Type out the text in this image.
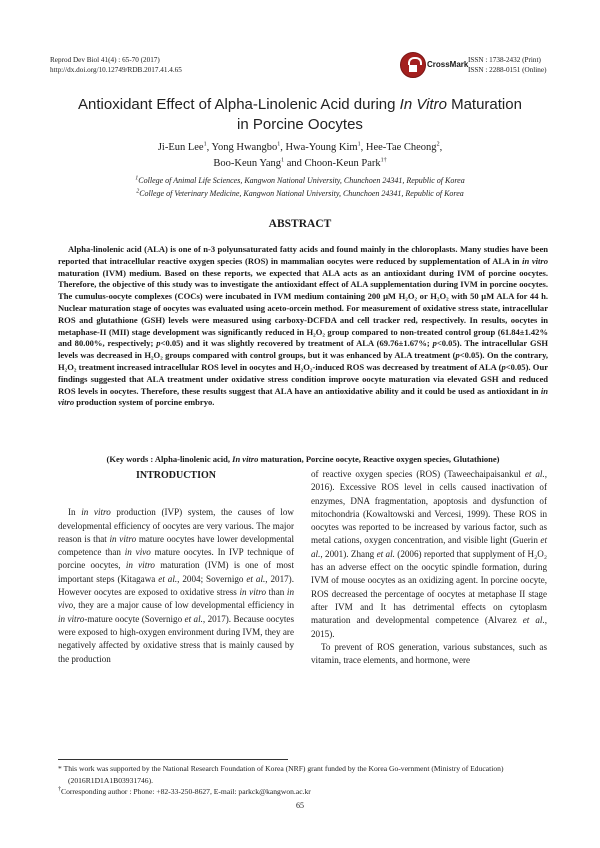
Reprod Dev Biol 41(4) : 65-70 (2017)
http://dx.doi.org/10.12749/RDB.2017.41.4.65
CrossMark ISSN : 1738-2432 (Print)
ISSN : 2288-0151 (Online)
Antioxidant Effect of Alpha-Linolenic Acid during In Vitro Maturation
in Porcine Oocytes
Ji-Eun Lee$^1$, Yong Hwangbo$^1$, Hwa-Young Kim$^1$, Hee-Tae Cheong$^2$,
Boo-Keun Yang$^1$ and Choon-Keun Park$^{1\dagger}$
$^1$College of Animal Life Sciences, Kangwon National University, Chunchoen 24341, Republic of Korea
$^2$College of Veterinary Medicine, Kangwon National University, Chunchoen 24341, Republic of Korea
ABSTRACT
Alpha-linolenic acid (ALA) is one of n-3 polyunsaturated fatty acids and found mainly in the chloroplasts. Many studies have been reported that intracellular reactive oxygen species (ROS) in mammalian oocytes were reduced by supplementation of ALA in in vitro maturation (IVM) medium. Based on these reports, we expected that ALA acts as an antioxidant during IVM of porcine oocytes. Therefore, the objective of this study was to investigate the antioxidant effect of ALA supplementation during IVM in porcine oocytes. The cumulus-oocyte complexes (COCs) were incubated in IVM medium containing 200 μM H₂O₂ or H₂O₂ with 50 μM ALA for 44 h. Nuclear maturation stage of oocytes was evaluated using aceto-orcein method. For measurement of oxidative stress state, intracellular ROS and glutathione (GSH) levels were measured using carboxy-DCFDA and cell tracker red, respectively. In results, oocytes in metaphase-II (MII) stage development was significantly reduced in H₂O₂ group compared to non-treated control group (61.84±1.42% and 80.00%, respectively; p<0.05) and it was slightly recovered by treatment of ALA (69.76±1.67%; p<0.05). The intracellular GSH levels was decreased in H₂O₂ groups compared with control groups, but it was enhanced by ALA treatment (p<0.05). On the contrary, H₂O₂ treatment increased intracellular ROS level in oocytes and H₂O₂-induced ROS was decreased by treatment of ALA (p<0.05). Our findings suggested that ALA treatment under oxidative stress condition improve oocyte maturation via elevated GSH and reduced ROS levels in oocytes. Therefore, these results suggest that ALA have an antioxidative ability and it could be used as antioxidant in in vitro production system of porcine embryo.
(Key words : Alpha-linolenic acid, In vitro maturation, Porcine oocyte, Reactive oxygen species, Glutathione)
INTRODUCTION

In in vitro production (IVP) system, the causes of low developmental efficiency of oocytes are very various. The major reason is that in vitro mature oocytes have lower developmental competence than in vivo mature oocytes. In IVP technique of porcine oocytes, in vitro maturation (IVM) is one of most important steps (Kitagawa et al., 2004; Sovernigo et al., 2017). However oocytes are exposed to oxidative stress in vitro than in vivo, they are a major cause of low developmental efficiency in in vitro-mature oocyte (Sovernigo et al., 2017). Because oocytes were exposed to high-oxygen environment during IVM, they are negatively affected by oxidative stress that is mainly caused by the production

of reactive oxygen species (ROS) (Taweechaipaisankul et al., 2016). Excessive ROS level in cells caused inactivation of enzymes, DNA fragmentation, apoptosis and dysfunction of mitochondria (Kowaltowski and Vercesi, 1999). These ROS in oocytes was reported to be increased by various factor, such as metal cations, oxygen concentration, and visible light (Guerin et al., 2001). Zhang et al. (2006) reported that supplyment of H₂O₂ has an adverse effect on the oocytic spindle formation, during IVM of mouse oocytes as an oxidizing agent. In porcine oocyte, ROS decreased the percentage of oocytes at metaphase II stage after IVM and It has detrimental effects on cytoplasm maturation and developmental competence (Alvarez et al., 2015).

To prevent of ROS generation, various substances, such as vitamin, trace elements, and hormone, were

* This work was supported by the National Research Foundation of Korea (NRF) grant funded by the Korea Go-vernment (Ministry of Education) (2016R1D1A1B03931746).
†Corresponding author : Phone: +82-33-250-8627, E-mail: parkck@kangwon.ac.kr
65
